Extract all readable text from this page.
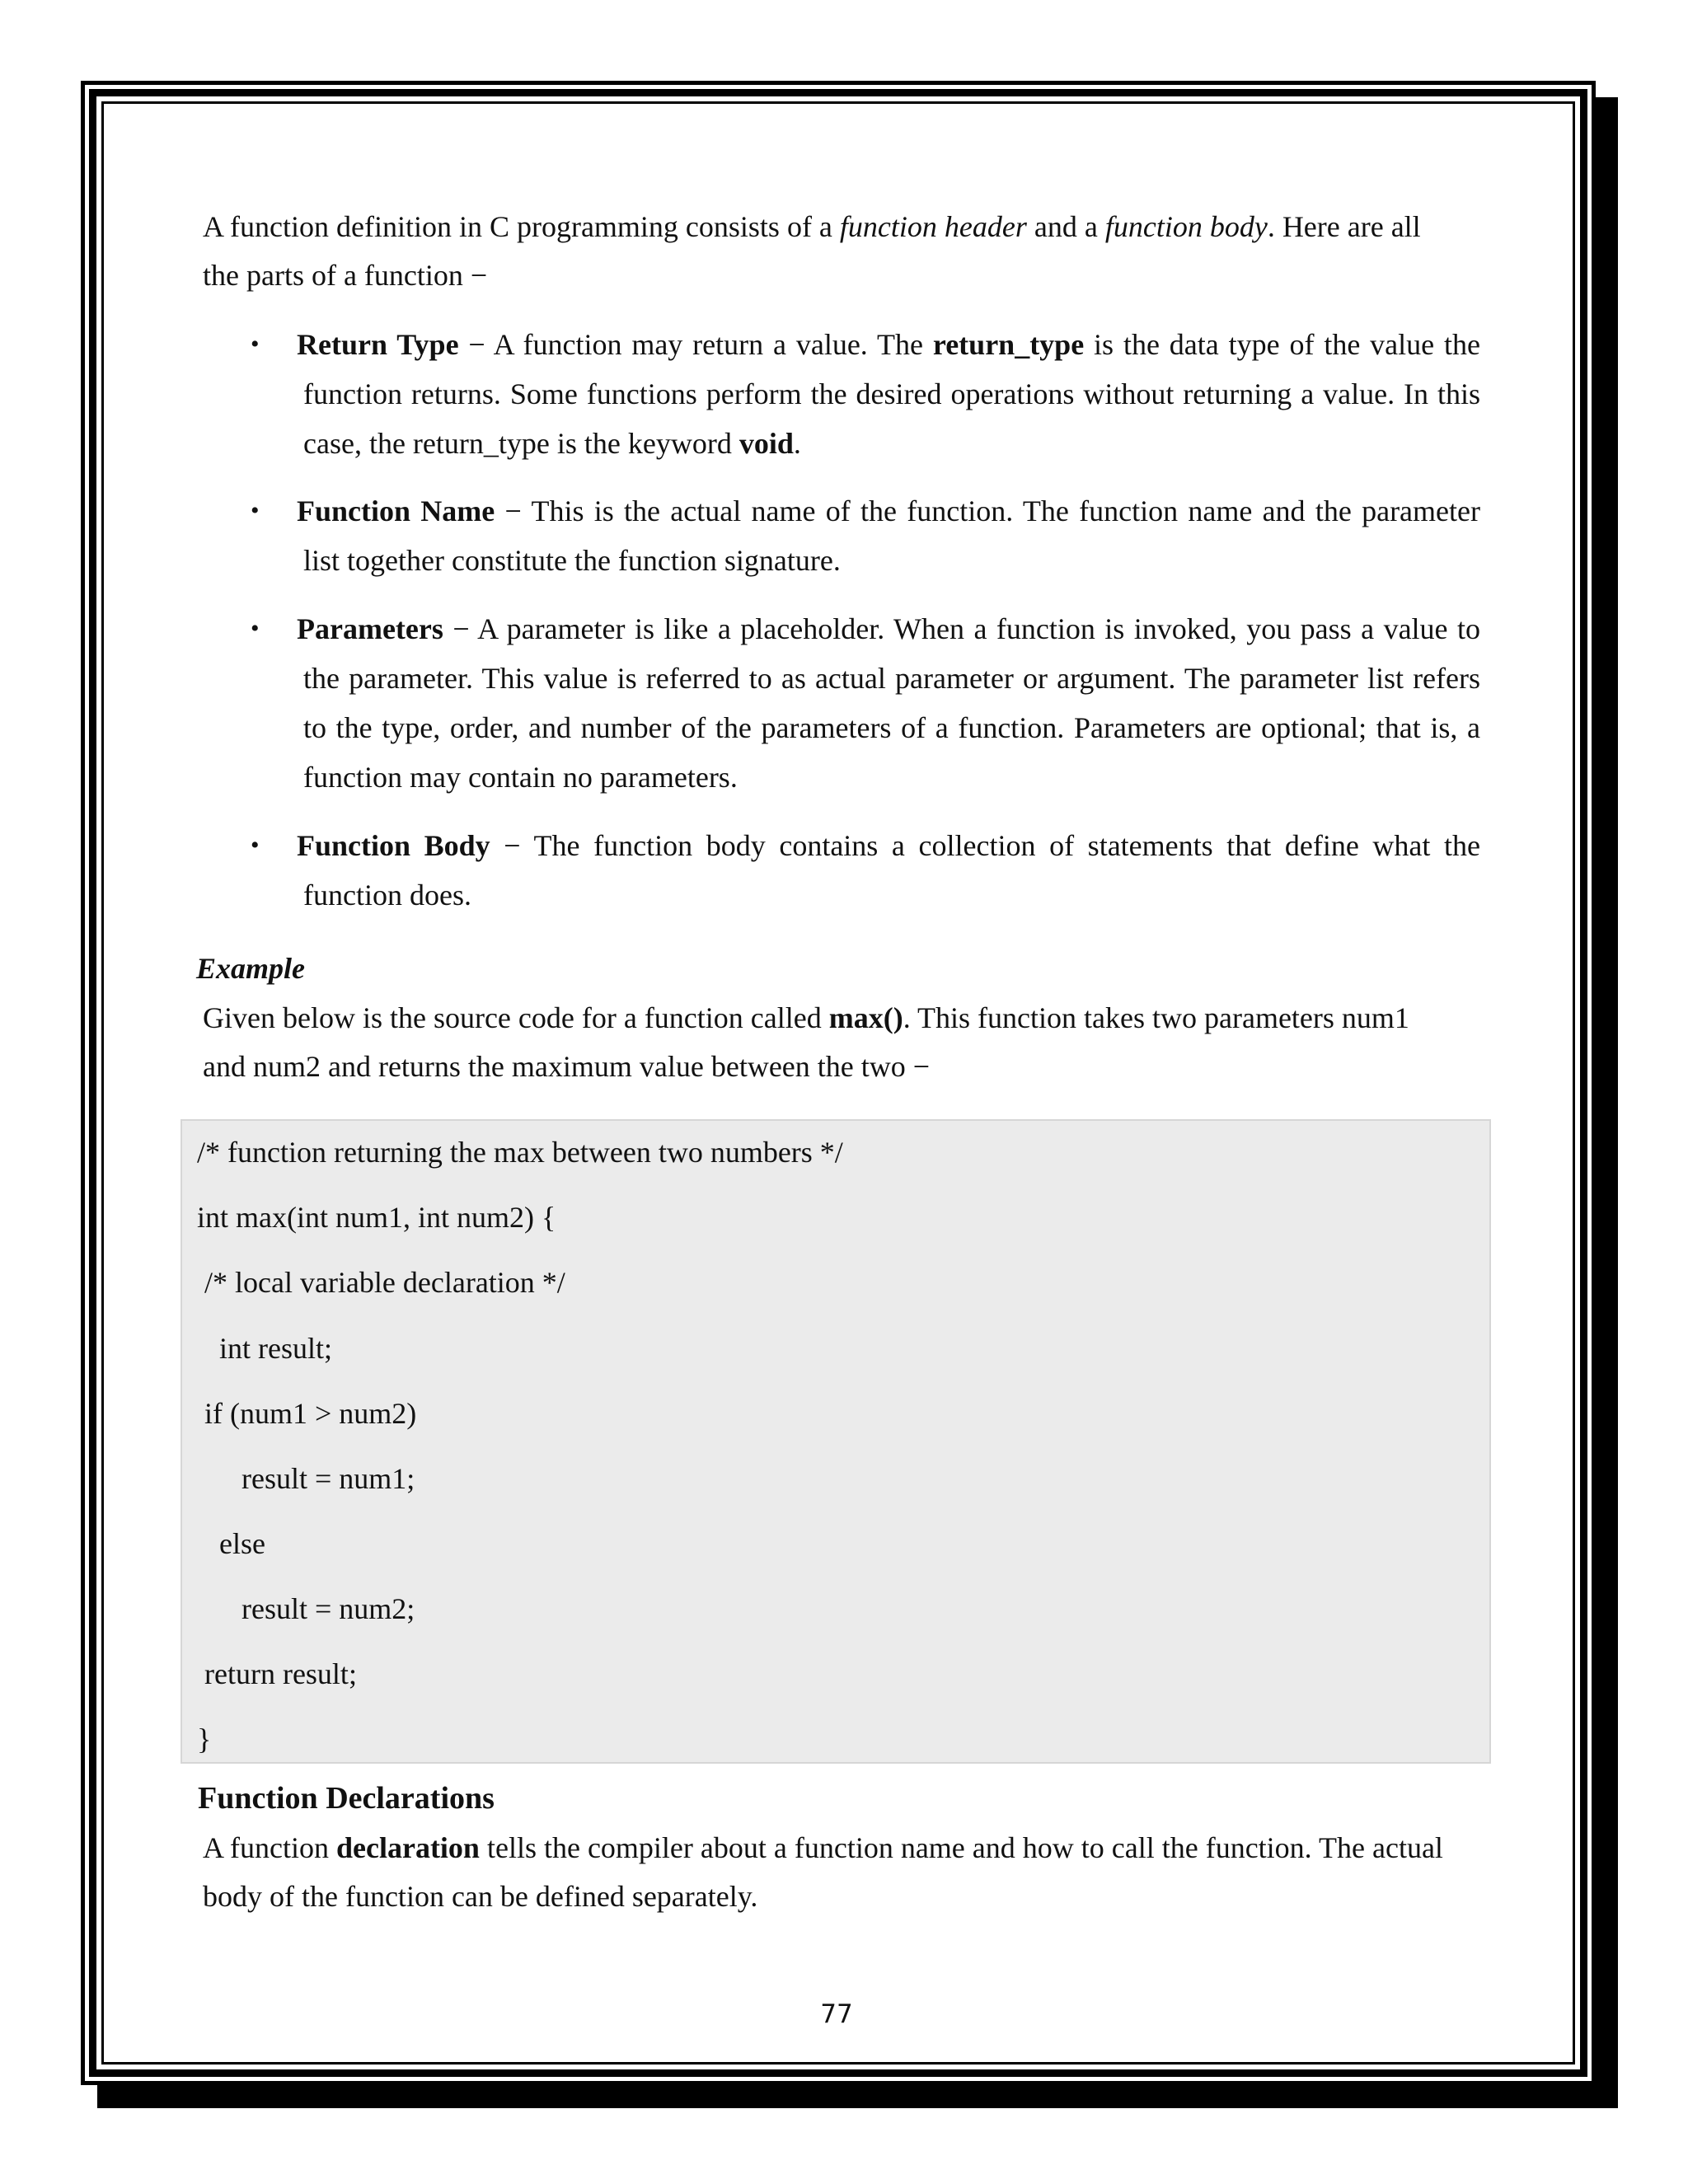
A function definition in C programming consists of a function header and a function body. Here are all

the parts of a function −

•	Return Type − A function may return a value. The return_type is the data type of the value the function returns. Some functions perform the desired operations without returning a value. In this case, the return_type is the keyword void.
•	Function Name − This is the actual name of the function. The function name and the parameter list together constitute the function signature.
•	Parameters − A parameter is like a placeholder. When a function is invoked, you pass a value to the parameter. This value is referred to as actual parameter or argument. The parameter list refers to the type, order, and number of the parameters of a function. Parameters are optional; that is, a function may contain no parameters.
•	Function Body − The function body contains a collection of statements that define what the function does.

Example

Given below is the source code for a function called max(). This function takes two parameters num1

and num2 and returns the maximum value between the two −

/* function returning the max between two numbers */

int max(int num1, int num2) {

/* local variable declaration */

int result;

if (num1 > num2)

result = num1;

else

result = num2;

return result;

}

Function Declarations

A function declaration tells the compiler about a function name and how to call the function. The actual

body of the function can be defined separately.

77
